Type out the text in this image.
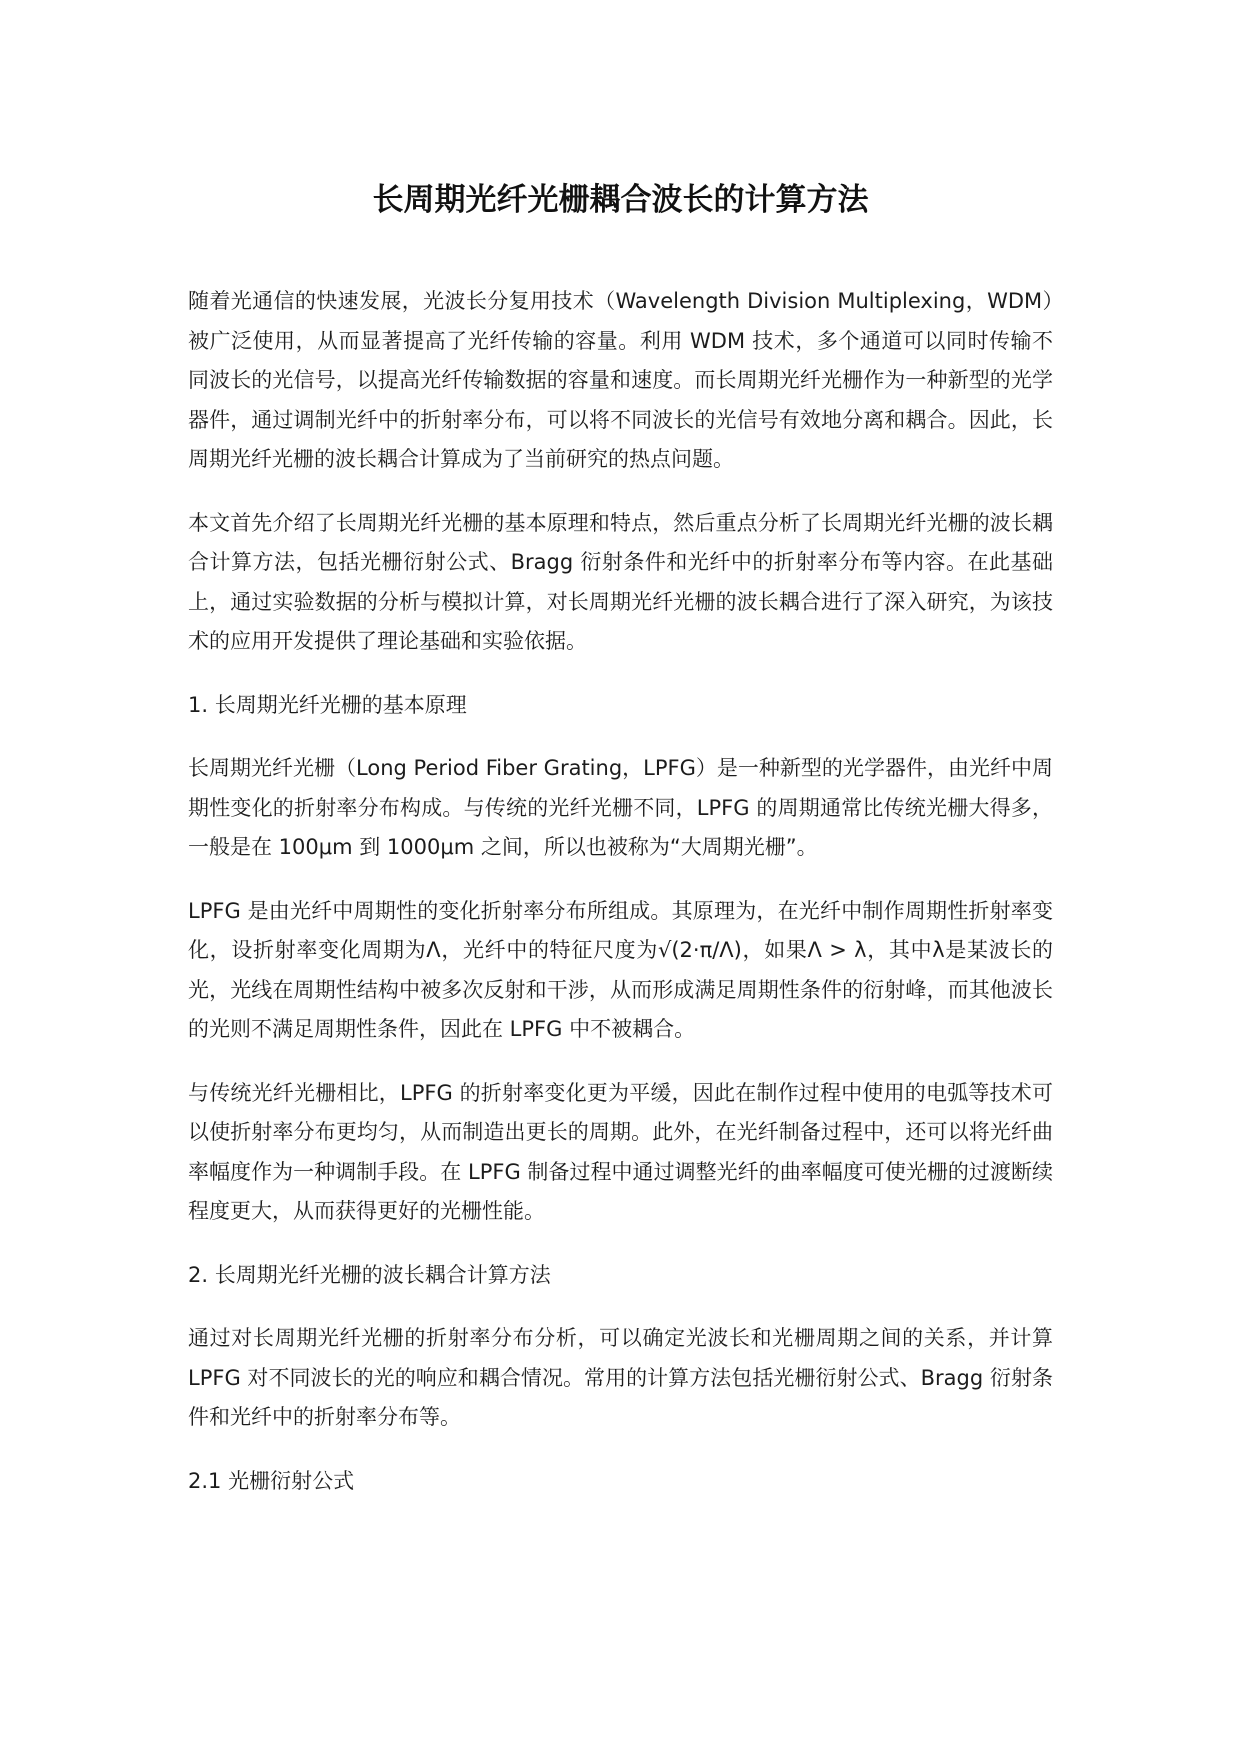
长周期光纤光栅耦合波长的计算方法

随着光通信的快速发展，光波长分复用技术（Wavelength Division Multiplexing，WDM）被广泛使用，从而显著提高了光纤传输的容量。利用 WDM 技术，多个通道可以同时传输不同波长的光信号，以提高光纤传输数据的容量和速度。而长周期光纤光栅作为一种新型的光学器件，通过调制光纤中的折射率分布，可以将不同波长的光信号有效地分离和耦合。因此，长周期光纤光栅的波长耦合计算成为了当前研究的热点问题。

本文首先介绍了长周期光纤光栅的基本原理和特点，然后重点分析了长周期光纤光栅的波长耦合计算方法，包括光栅衍射公式、Bragg 衍射条件和光纤中的折射率分布等内容。在此基础上，通过实验数据的分析与模拟计算，对长周期光纤光栅的波长耦合进行了深入研究，为该技术的应用开发提供了理论基础和实验依据。

1. 长周期光纤光栅的基本原理

长周期光纤光栅（Long Period Fiber Grating，LPFG）是一种新型的光学器件，由光纤中周期性变化的折射率分布构成。与传统的光纤光栅不同，LPFG 的周期通常比传统光栅大得多，一般是在 100μm 到 1000μm 之间，所以也被称为“大周期光栅”。

LPFG 是由光纤中周期性的变化折射率分布所组成。其原理为，在光纤中制作周期性折射率变化，设折射率变化周期为Λ，光纤中的特征尺度为√(2·π/Λ)，如果Λ > λ，其中λ是某波长的光，光线在周期性结构中被多次反射和干涉，从而形成满足周期性条件的衍射峰，而其他波长的光则不满足周期性条件，因此在 LPFG 中不被耦合。

与传统光纤光栅相比，LPFG 的折射率变化更为平缓，因此在制作过程中使用的电弧等技术可以使折射率分布更均匀，从而制造出更长的周期。此外，在光纤制备过程中，还可以将光纤曲率幅度作为一种调制手段。在 LPFG 制备过程中通过调整光纤的曲率幅度可使光栅的过渡断续程度更大，从而获得更好的光栅性能。

2. 长周期光纤光栅的波长耦合计算方法

通过对长周期光纤光栅的折射率分布分析，可以确定光波长和光栅周期之间的关系，并计算 LPFG 对不同波长的光的响应和耦合情况。常用的计算方法包括光栅衍射公式、Bragg 衍射条件和光纤中的折射率分布等。

2.1 光栅衍射公式
